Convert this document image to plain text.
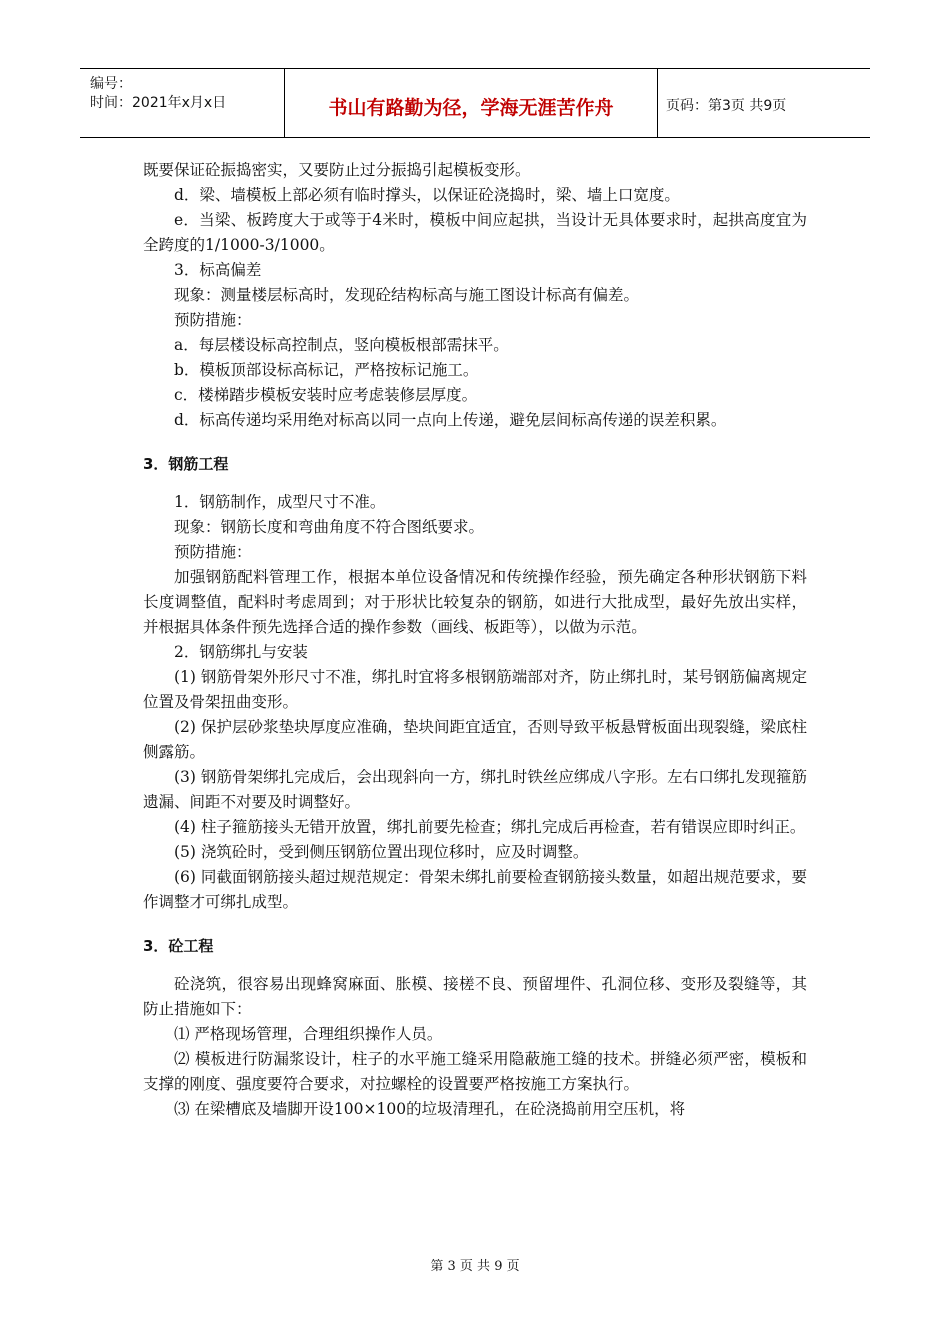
编号：
时间：2021年x月x日	书山有路勤为径，学海无涯苦作舟	页码：第3页 共9页

既要保证砼振捣密实，又要防止过分振捣引起模板变形。

d．梁、墙模板上部必须有临时撑头，以保证砼浇捣时，梁、墙上口宽度。

e．当梁、板跨度大于或等于4米时，模板中间应起拱，当设计无具体要求时，起拱高度宜为全跨度的1/1000-3/1000。

3．标高偏差

现象：测量楼层标高时，发现砼结构标高与施工图设计标高有偏差。

预防措施：

a．每层楼设标高控制点，竖向模板根部需抹平。

b．模板顶部设标高标记，严格按标记施工。

c．楼梯踏步模板安装时应考虑装修层厚度。

d．标高传递均采用绝对标高以同一点向上传递，避免层间标高传递的误差积累。

3．钢筋工程

1．钢筋制作，成型尺寸不准。

现象：钢筋长度和弯曲角度不符合图纸要求。

预防措施：

加强钢筋配料管理工作，根据本单位设备情况和传统操作经验，预先确定各种形状钢筋下料长度调整值，配料时考虑周到；对于形状比较复杂的钢筋，如进行大批成型，最好先放出实样，并根据具体条件预先选择合适的操作参数（画线、板距等），以做为示范。

2．钢筋绑扎与安装

(1) 钢筋骨架外形尺寸不准，绑扎时宜将多根钢筋端部对齐，防止绑扎时，某号钢筋偏离规定位置及骨架扭曲变形。

(2) 保护层砂浆垫块厚度应准确，垫块间距宜适宜，否则导致平板悬臂板面出现裂缝，梁底柱侧露筋。

(3) 钢筋骨架绑扎完成后，会出现斜向一方，绑扎时铁丝应绑成八字形。左右口绑扎发现箍筋遗漏、间距不对要及时调整好。

(4) 柱子箍筋接头无错开放置，绑扎前要先检查；绑扎完成后再检查，若有错误应即时纠正。

(5) 浇筑砼时，受到侧压钢筋位置出现位移时，应及时调整。

(6) 同截面钢筋接头超过规范规定：骨架未绑扎前要检查钢筋接头数量，如超出规范要求，要作调整才可绑扎成型。

3．砼工程

砼浇筑，很容易出现蜂窝麻面、胀模、接槎不良、预留埋件、孔洞位移、变形及裂缝等，其防止措施如下：

⑴ 严格现场管理，合理组织操作人员。

⑵ 模板进行防漏浆设计，柱子的水平施工缝采用隐蔽施工缝的技术。拼缝必须严密，模板和支撑的刚度、强度要符合要求，对拉螺栓的设置要严格按施工方案执行。

⑶ 在梁槽底及墙脚开设100×100的垃圾清理孔，在砼浇捣前用空压机，将

第 3 页 共 9 页
